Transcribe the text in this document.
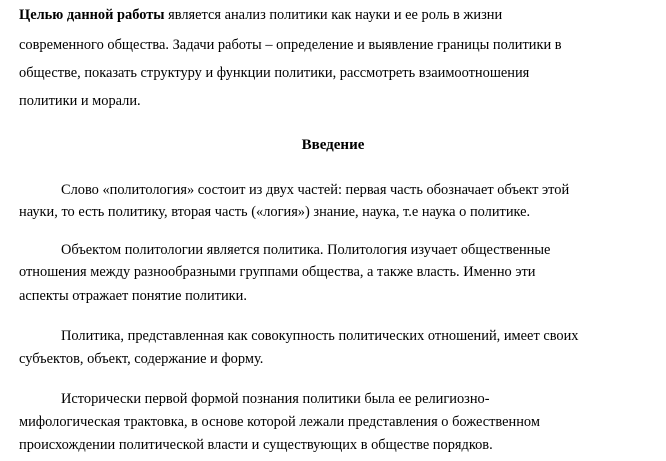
Целью данной работы является анализ политики как науки и ее роль в жизни
современного общества. Задачи работы – определение и выявление границы политики в
обществе, показать структуру и функции политики, рассмотреть взаимоотношения
политики и морали.
Введение
Слово «политология» состоит из двух частей: первая часть обозначает объект этой
науки, то есть политику, вторая часть («логия») знание, наука, т.е наука о политике.
Объектом политологии является политика. Политология изучает общественные
отношения между разнообразными группами общества, а также власть. Именно эти
аспекты отражает понятие политики.
Политика, представленная как совокупность политических отношений, имеет своих
субъектов, объект, содержание и форму.
Исторически первой формой познания политики была ее религиозно-
мифологическая трактовка, в основе которой лежали представления о божественном
происхождении политической власти и существующих в обществе порядков.
